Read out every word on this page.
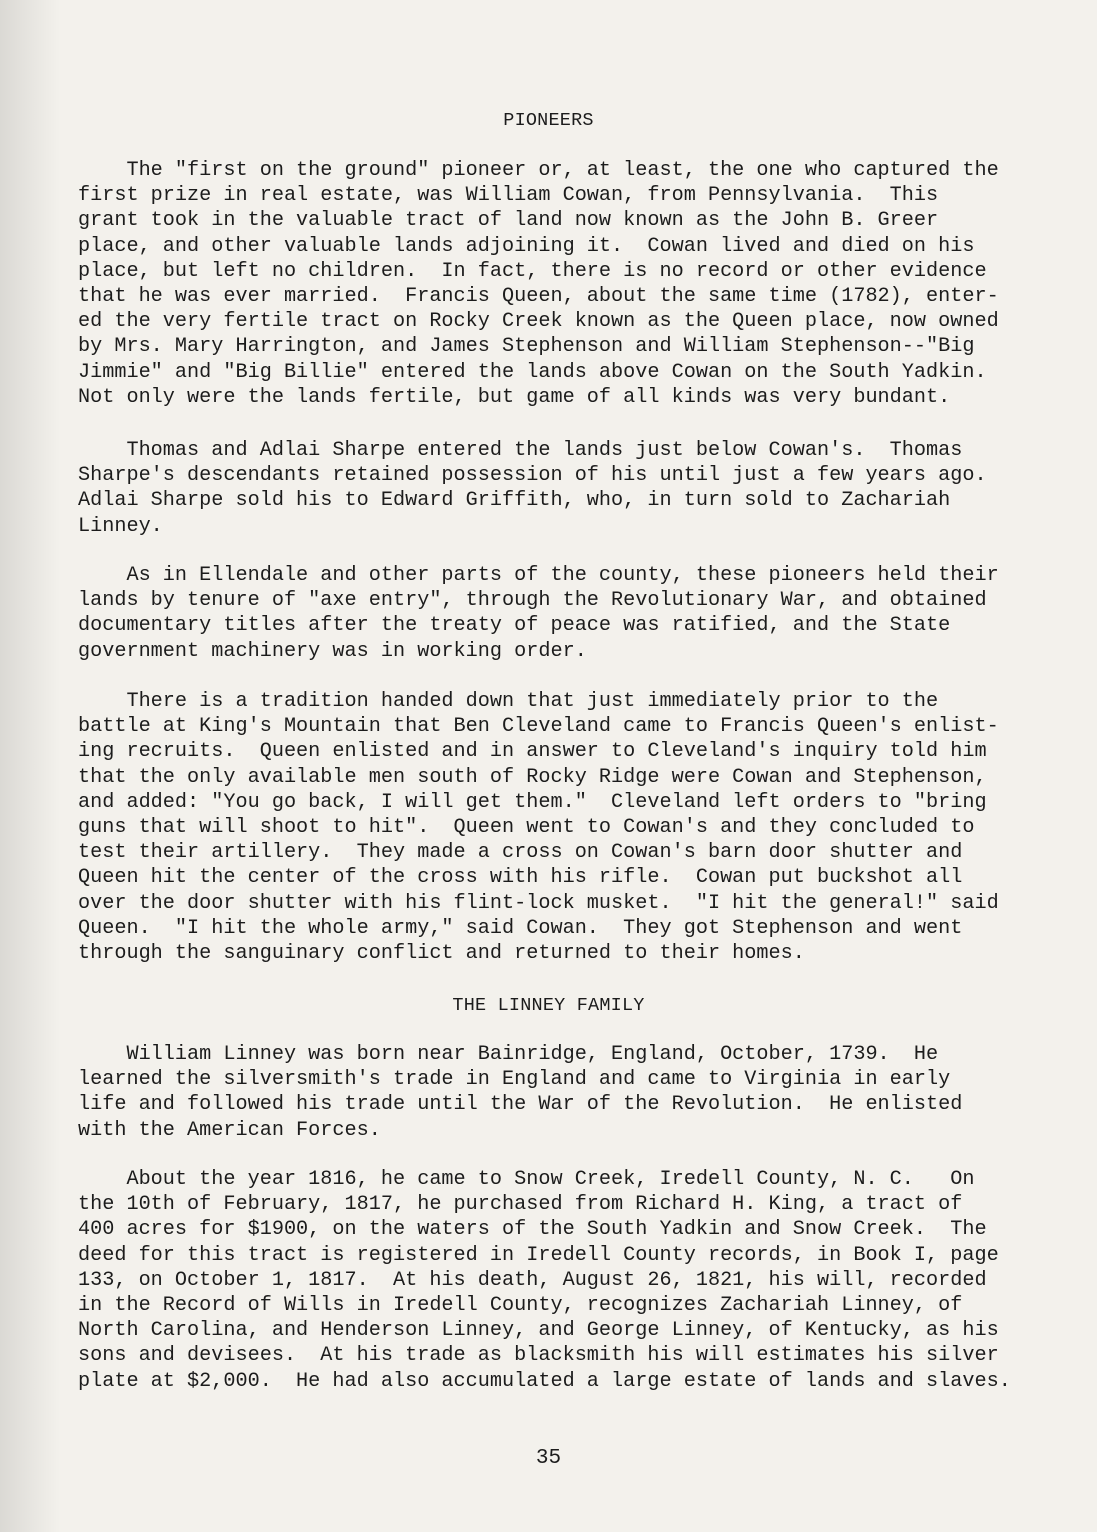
PIONEERS

The "first on the ground" pioneer or, at least, the one who captured the
first prize in real estate, was William Cowan, from Pennsylvania.  This
grant took in the valuable tract of land now known as the John B. Greer
place, and other valuable lands adjoining it.  Cowan lived and died on his
place, but left no children.  In fact, there is no record or other evidence
that he was ever married.  Francis Queen, about the same time (1782), enter-
ed the very fertile tract on Rocky Creek known as the Queen place, now owned
by Mrs. Mary Harrington, and James Stephenson and William Stephenson--"Big
Jimmie" and "Big Billie" entered the lands above Cowan on the South Yadkin.
Not only were the lands fertile, but game of all kinds was very bundant.

Thomas and Adlai Sharpe entered the lands just below Cowan's.  Thomas
Sharpe's descendants retained possession of his until just a few years ago.
Adlai Sharpe sold his to Edward Griffith, who, in turn sold to Zachariah
Linney.

As in Ellendale and other parts of the county, these pioneers held their
lands by tenure of "axe entry", through the Revolutionary War, and obtained
documentary titles after the treaty of peace was ratified, and the State
government machinery was in working order.

There is a tradition handed down that just immediately prior to the
battle at King's Mountain that Ben Cleveland came to Francis Queen's enlist-
ing recruits.  Queen enlisted and in answer to Cleveland's inquiry told him
that the only available men south of Rocky Ridge were Cowan and Stephenson,
and added: "You go back, I will get them."  Cleveland left orders to "bring
guns that will shoot to hit".  Queen went to Cowan's and they concluded to
test their artillery.  They made a cross on Cowan's barn door shutter and
Queen hit the center of the cross with his rifle.  Cowan put buckshot all
over the door shutter with his flint-lock musket.  "I hit the general!" said
Queen.  "I hit the whole army," said Cowan.  They got Stephenson and went
through the sanguinary conflict and returned to their homes.

THE LINNEY FAMILY

William Linney was born near Bainridge, England, October, 1739.  He
learned the silversmith's trade in England and came to Virginia in early
life and followed his trade until the War of the Revolution.  He enlisted
with the American Forces.

About the year 1816, he came to Snow Creek, Iredell County, N. C.   On
the 10th of February, 1817, he purchased from Richard H. King, a tract of
400 acres for $1900, on the waters of the South Yadkin and Snow Creek.  The
deed for this tract is registered in Iredell County records, in Book I, page
133, on October 1, 1817.  At his death, August 26, 1821, his will, recorded
in the Record of Wills in Iredell County, recognizes Zachariah Linney, of
North Carolina, and Henderson Linney, and George Linney, of Kentucky, as his
sons and devisees.  At his trade as blacksmith his will estimates his silver
plate at $2,000.  He had also accumulated a large estate of lands and slaves.

35
